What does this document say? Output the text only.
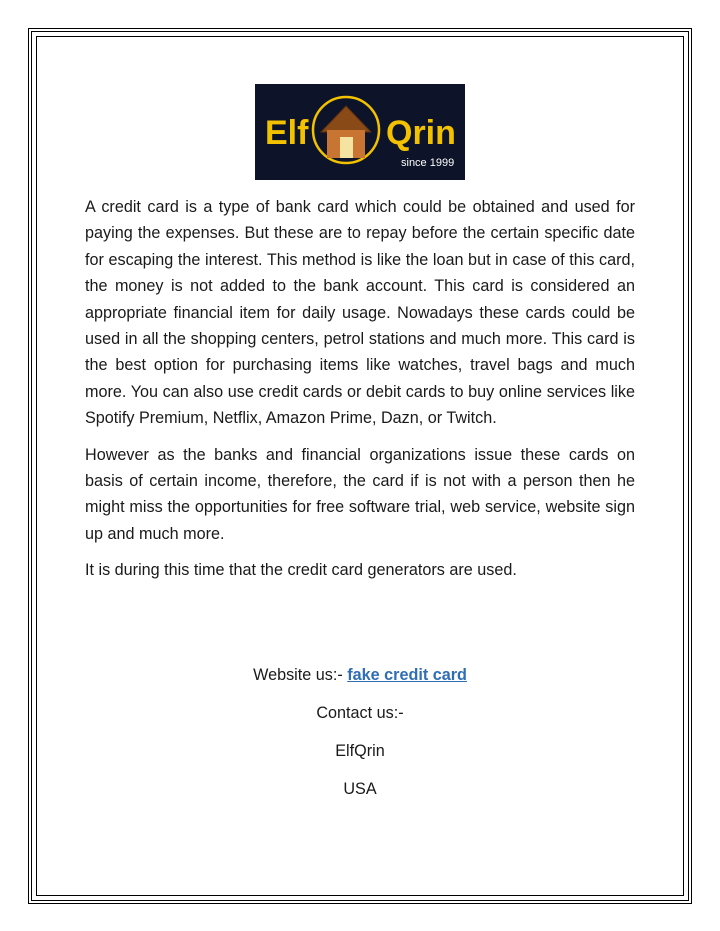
Elf Qrin
since 1999

A credit card is a type of bank card which could be obtained and used for paying the expenses. But these are to repay before the certain specific date for escaping the interest. This method is like the loan but in case of this card, the money is not added to the bank account. This card is considered an appropriate financial item for daily usage. Nowadays these cards could be used in all the shopping centers, petrol stations and much more. This card is the best option for purchasing items like watches, travel bags and much more. You can also use credit cards or debit cards to buy online services like Spotify Premium, Netflix, Amazon Prime, Dazn, or Twitch.

However as the banks and financial organizations issue these cards on basis of certain income, therefore, the card if is not with a person then he might miss the opportunities for free software trial, web service, website sign up and much more.

It is during this time that the credit card generators are used.

Website us:- fake credit card
Contact us:-
ElfQrin
USA
